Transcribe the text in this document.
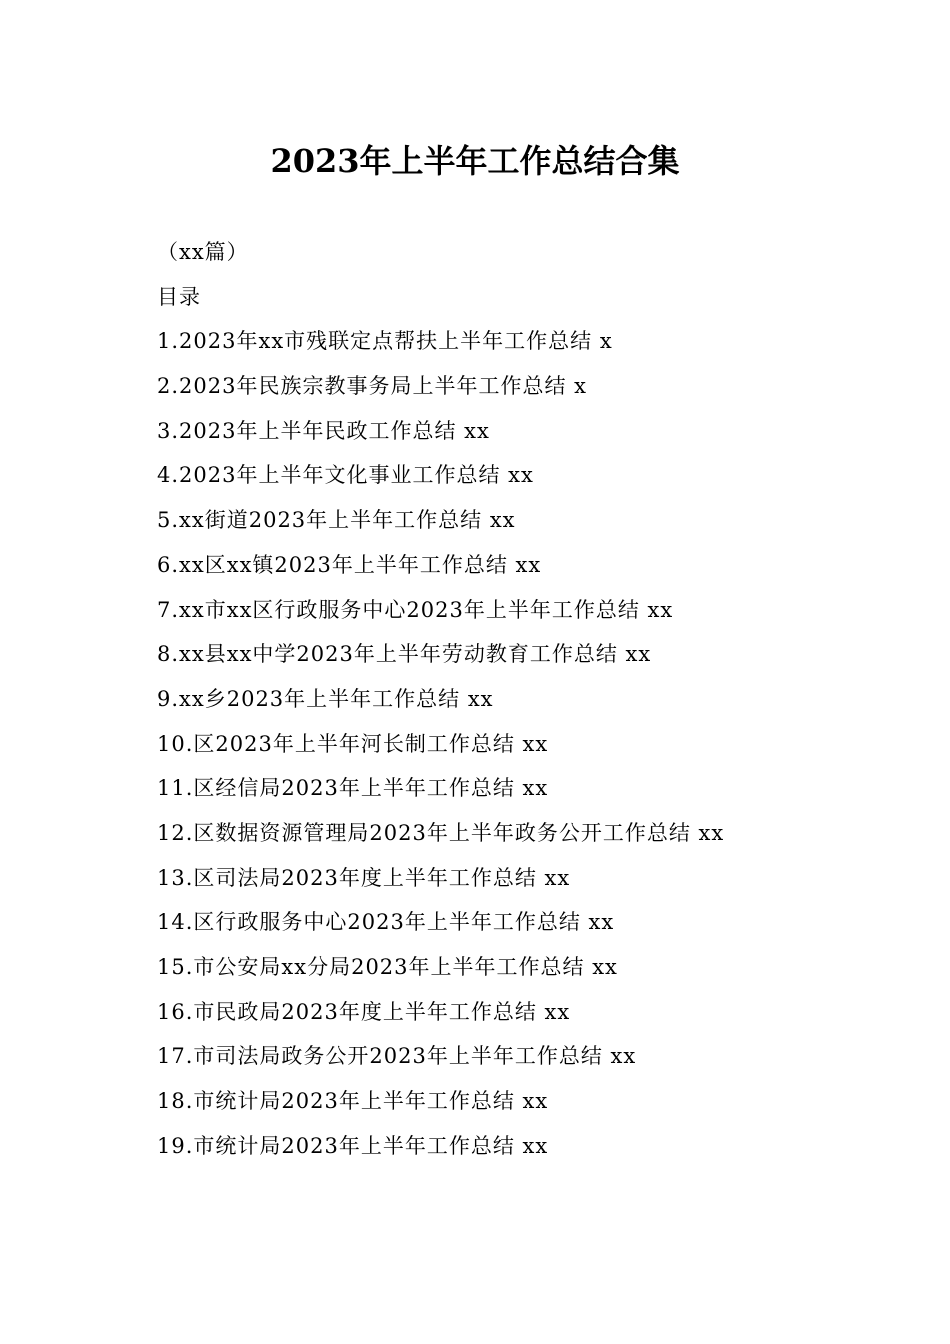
2023年上半年工作总结合集
（xx篇）
目录
1.2023年xx市残联定点帮扶上半年工作总结 x
2.2023年民族宗教事务局上半年工作总结 x
3.2023年上半年民政工作总结 xx
4.2023年上半年文化事业工作总结 xx
5.xx街道2023年上半年工作总结 xx
6.xx区xx镇2023年上半年工作总结 xx
7.xx市xx区行政服务中心2023年上半年工作总结 xx
8.xx县xx中学2023年上半年劳动教育工作总结 xx
9.xx乡2023年上半年工作总结 xx
10.区2023年上半年河长制工作总结 xx
11.区经信局2023年上半年工作总结 xx
12.区数据资源管理局2023年上半年政务公开工作总结 xx
13.区司法局2023年度上半年工作总结 xx
14.区行政服务中心2023年上半年工作总结 xx
15.市公安局xx分局2023年上半年工作总结 xx
16.市民政局2023年度上半年工作总结 xx
17.市司法局政务公开2023年上半年工作总结 xx
18.市统计局2023年上半年工作总结 xx
19.市统计局2023年上半年工作总结 xx
